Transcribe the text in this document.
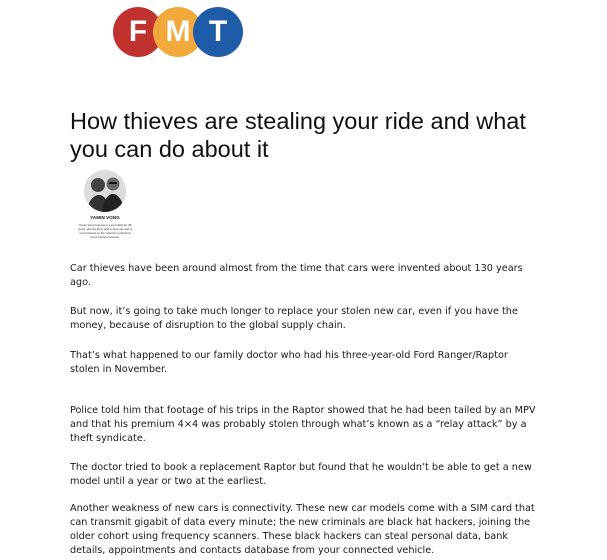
F M T
How thieves are stealing your ride and what you can do about it
YAMIN VONG
Yamin Vong has been a journalist for 38 years, almost thirty with a fave car and is now focused on the widening industry's trend transport issues.

Car thieves have been around almost from the time that cars were invented about 130 years ago.

But now, it’s going to take much longer to replace your stolen new car, even if you have the money, because of disruption to the global supply chain.

That’s what happened to our family doctor who had his three-year-old Ford Ranger/Raptor stolen in November.

Police told him that footage of his trips in the Raptor showed that he had been tailed by an MPV and that his premium 4×4 was probably stolen through what’s known as a “relay attack” by a theft syndicate.

The doctor tried to book a replacement Raptor but found that he wouldn’t be able to get a new model until a year or two at the earliest.

Another weakness of new cars is connectivity. These new car models come with a SIM card that can transmit gigabit of data every minute; the new criminals are black hat hackers, joining the older cohort using frequency scanners. These black hackers can steal personal data, bank details, appointments and contacts database from your connected vehicle.
